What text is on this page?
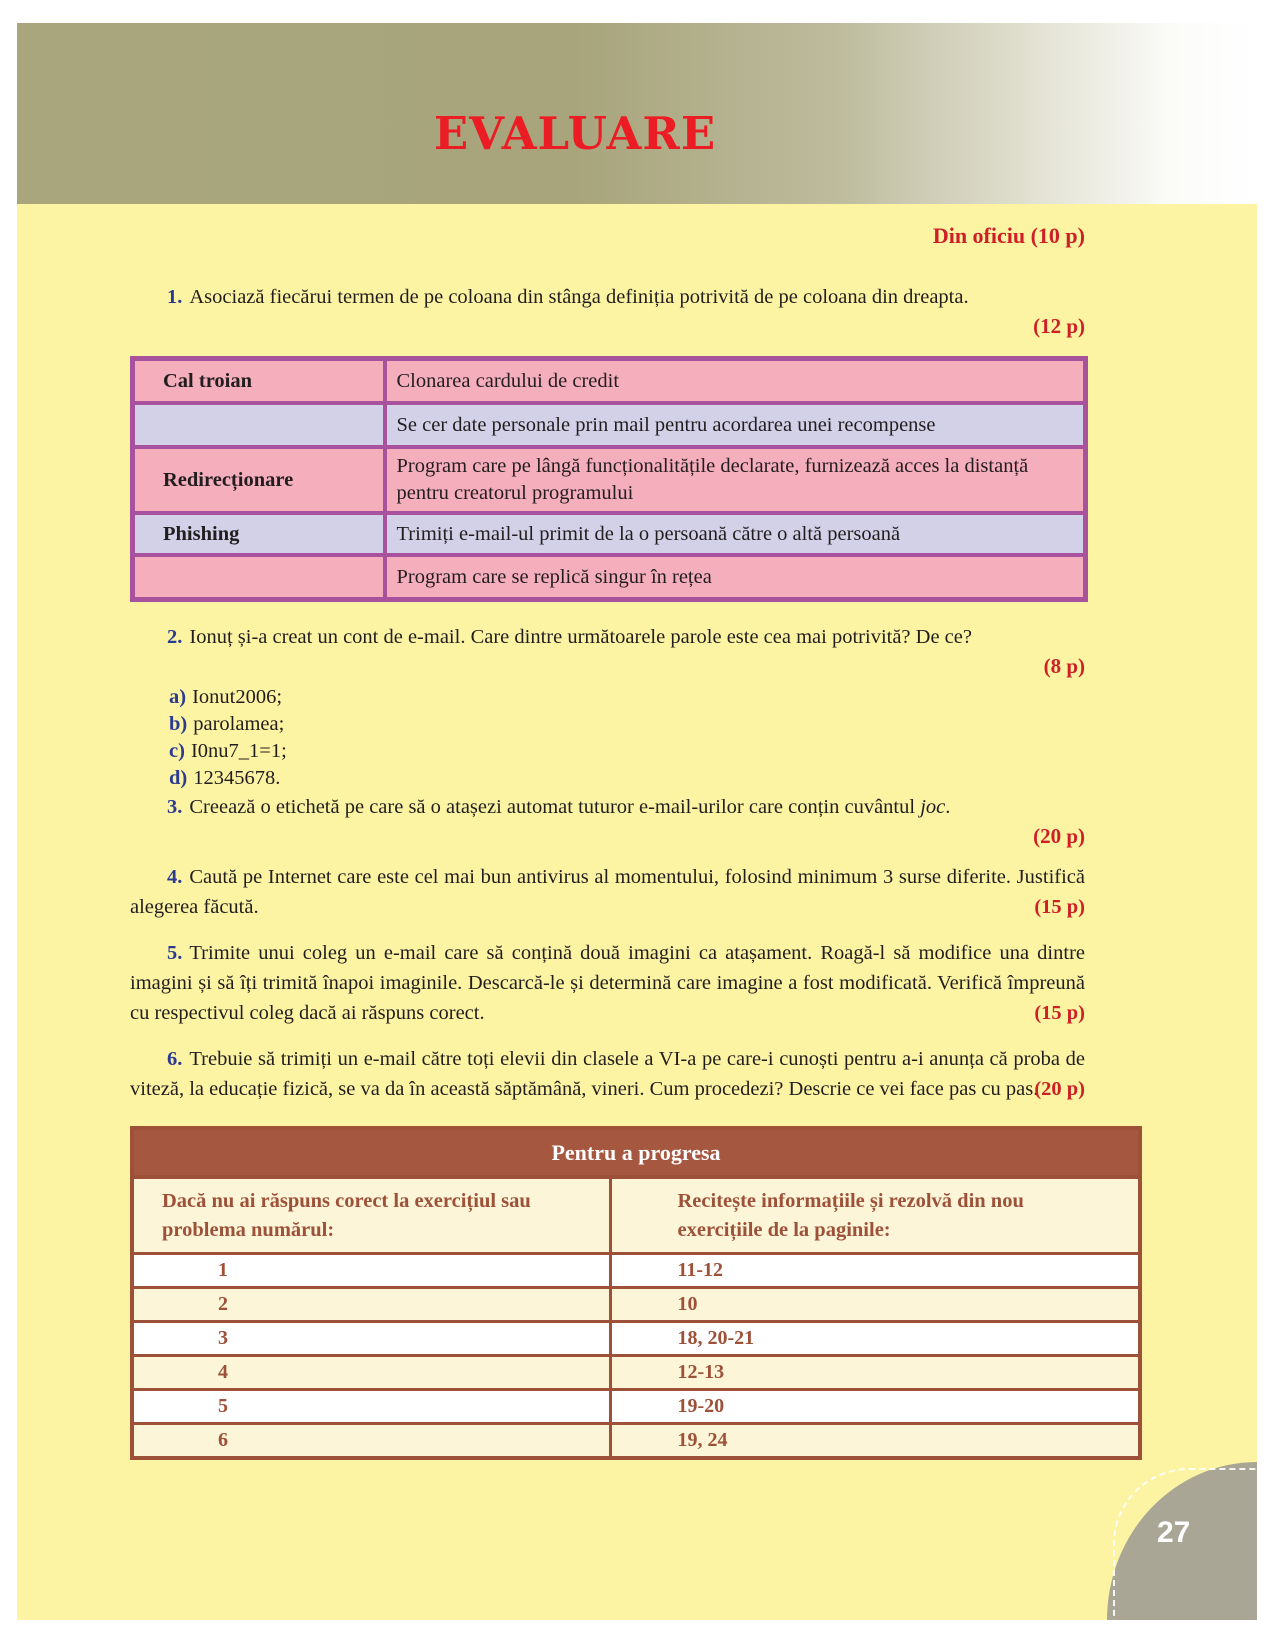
EVALUARE
Din oficiu (10 p)

1. Asociază fiecărui termen de pe coloana din stânga definiția potrivită de pe coloana din dreapta.

(12 p)
Cal troian	Clonarea cardului de credit
	Se cer date personale prin mail pentru acordarea unei recompense
Redirecționare	Program care pe lângă funcționalitățile declarate, furnizează acces la distanță pentru creatorul programului
Phishing	Trimiți e-mail-ul primit de la o persoană către o altă persoană
	Program care se replică singur în rețea

2. Ionuț și-a creat un cont de e-mail. Care dintre următoarele parole este cea mai potrivită? De ce?

(8 p)
a) Ionut2006;
b) parolamea;
c) I0nu7_1=1;
d) 12345678.

3. Creează o etichetă pe care să o atașezi automat tuturor e-mail-urilor care conțin cuvântul joc.

(20 p)

4. Caută pe Internet care este cel mai bun antivirus al momentului, folosind minimum 3 surse diferite. Justifică alegerea făcută.	(15 p)

5. Trimite unui coleg un e-mail care să conțină două imagini ca atașament. Roagă-l să modifice una dintre imagini și să îți trimită înapoi imaginile. Descarcă-le și determină care imagine a fost modificată. Verifică împreună cu respectivul coleg dacă ai răspuns corect.	(15 p)

6. Trebuie să trimiți un e-mail către toți elevii din clasele a VI-a pe care-i cunoști pentru a-i anunța că proba de viteză, la educație fizică, se va da în această săptămână, vineri. Cum procedezi? Descrie ce vei face pas cu pas.
(20 p)

Pentru a progresa	
Dacă nu ai răspuns corect la exercițiul sau problema numărul:	Recitește informațiile și rezolvă din nou exercițiile de la paginile:
1	11-12
2	10
3	18, 20-21
4	12-13
5	19-20
6	19, 24
27
